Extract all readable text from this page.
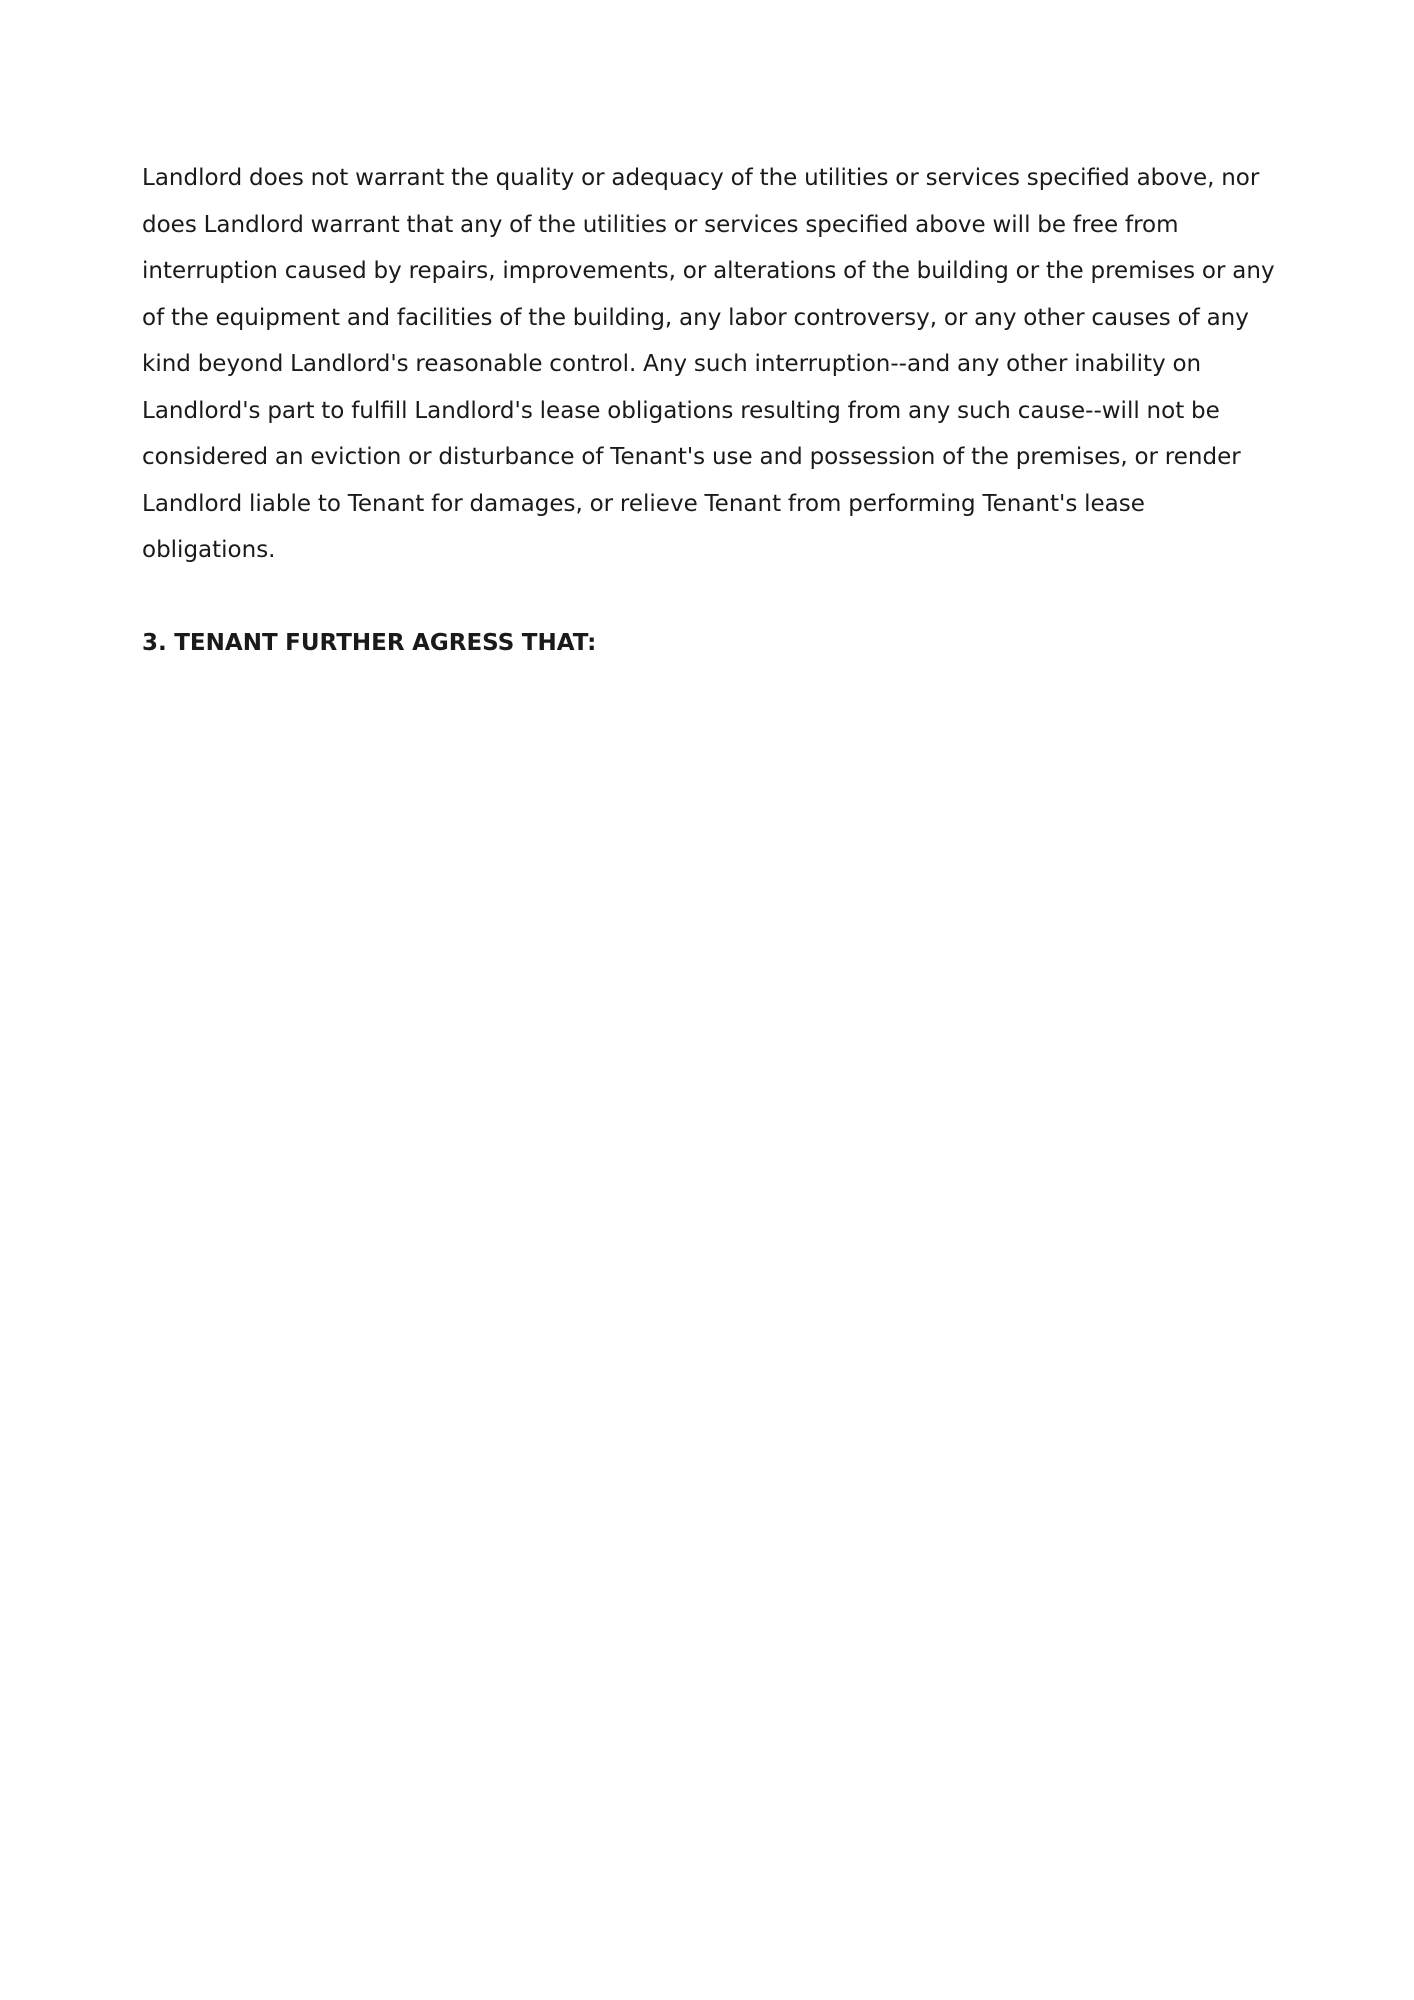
Landlord does not warrant the quality or adequacy of the utilities or services specified above, nor does Landlord warrant that any of the utilities or services specified above will be free from interruption caused by repairs, improvements, or alterations of the building or the premises or any of the equipment and facilities of the building, any labor controversy, or any other causes of any kind beyond Landlord's reasonable control. Any such interruption--and any other inability on Landlord's part to fulfill Landlord's lease obligations resulting from any such cause--will not be considered an eviction or disturbance of Tenant's use and possession of the premises, or render Landlord liable to Tenant for damages, or relieve Tenant from performing Tenant's lease obligations.

3. TENANT FURTHER AGRESS THAT:
